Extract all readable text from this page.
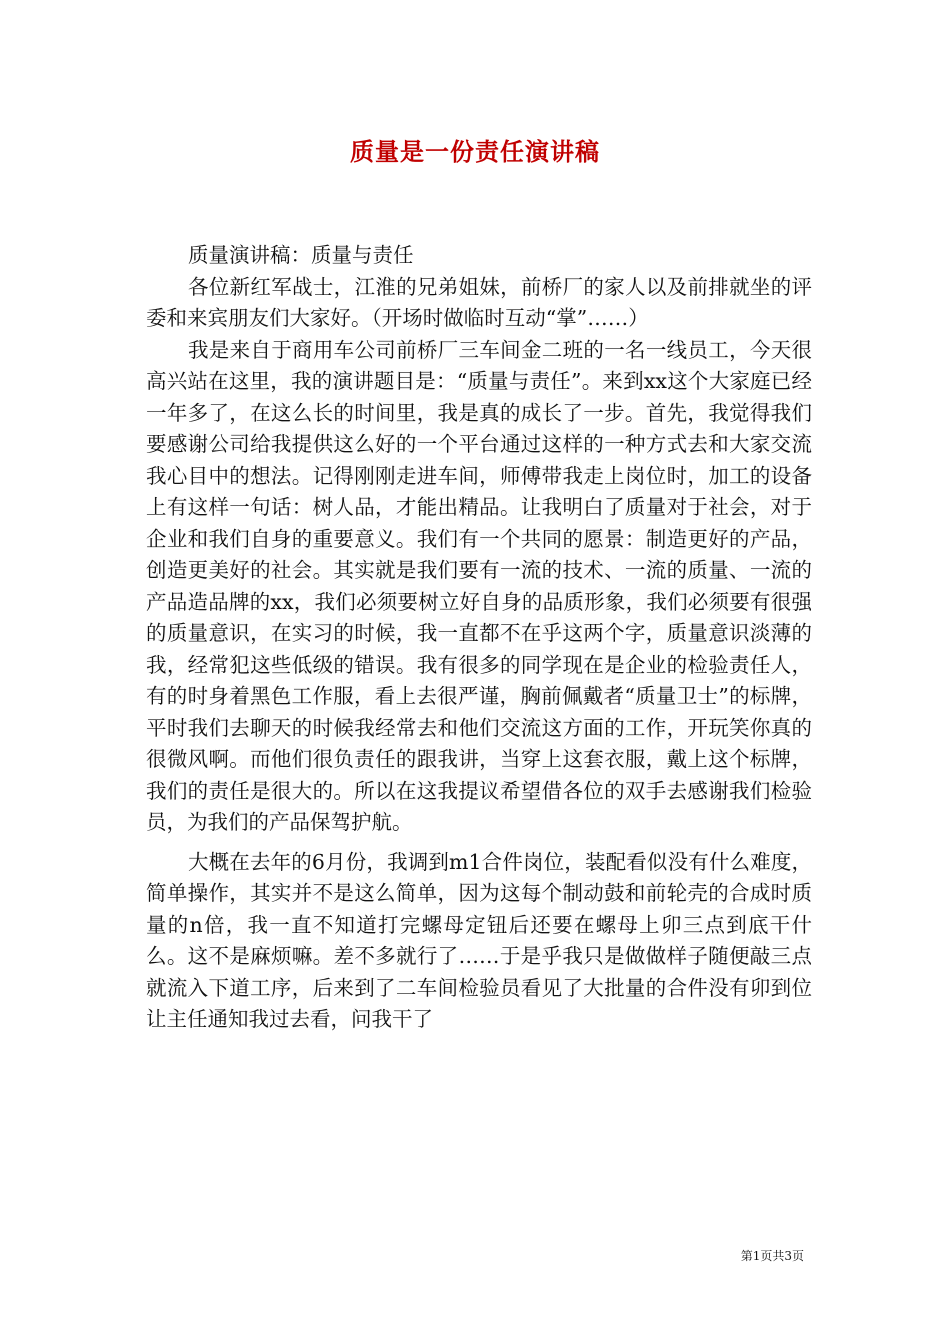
质量是一份责任演讲稿

质量演讲稿：质量与责任

各位新红军战士，江淮的兄弟姐妹，前桥厂的家人以及前排就坐的评委和来宾朋友们大家好。（开场时做临时互动“掌”……）

我是来自于商用车公司前桥厂三车间金二班的一名一线员工，今天很高兴站在这里，我的演讲题目是：“质量与责任”。来到xx这个大家庭已经一年多了，在这么长的时间里，我是真的成长了一步。首先，我觉得我们要感谢公司给我提供这么好的一个平台通过这样的一种方式去和大家交流我心目中的想法。记得刚刚走进车间，师傅带我走上岗位时，加工的设备上有这样一句话：树人品，才能出精品。让我明白了质量对于社会，对于企业和我们自身的重要意义。我们有一个共同的愿景：制造更好的产品，创造更美好的社会。其实就是我们要有一流的技术、一流的质量、一流的产品造品牌的xx，我们必须要树立好自身的品质形象，我们必须要有很强的质量意识，在实习的时候，我一直都不在乎这两个字，质量意识淡薄的我，经常犯这些低级的错误。我有很多的同学现在是企业的检验责任人，有的时身着黑色工作服，看上去很严谨，胸前佩戴者“质量卫士”的标牌，平时我们去聊天的时候我经常去和他们交流这方面的工作，开玩笑你真的很微风啊。而他们很负责任的跟我讲，当穿上这套衣服，戴上这个标牌，我们的责任是很大的。所以在这我提议希望借各位的双手去感谢我们检验员，为我们的产品保驾护航。

大概在去年的6月份，我调到m1合件岗位，装配看似没有什么难度，简单操作，其实并不是这么简单，因为这每个制动鼓和前轮壳的合成时质量的n倍，我一直不知道打完螺母定钮后还要在螺母上卯三点到底干什么。这不是麻烦嘛。差不多就行了……于是乎我只是做做样子随便敲三点就流入下道工序，后来到了二车间检验员看见了大批量的合件没有卯到位让主任通知我过去看，问我干了

第1页共3页
